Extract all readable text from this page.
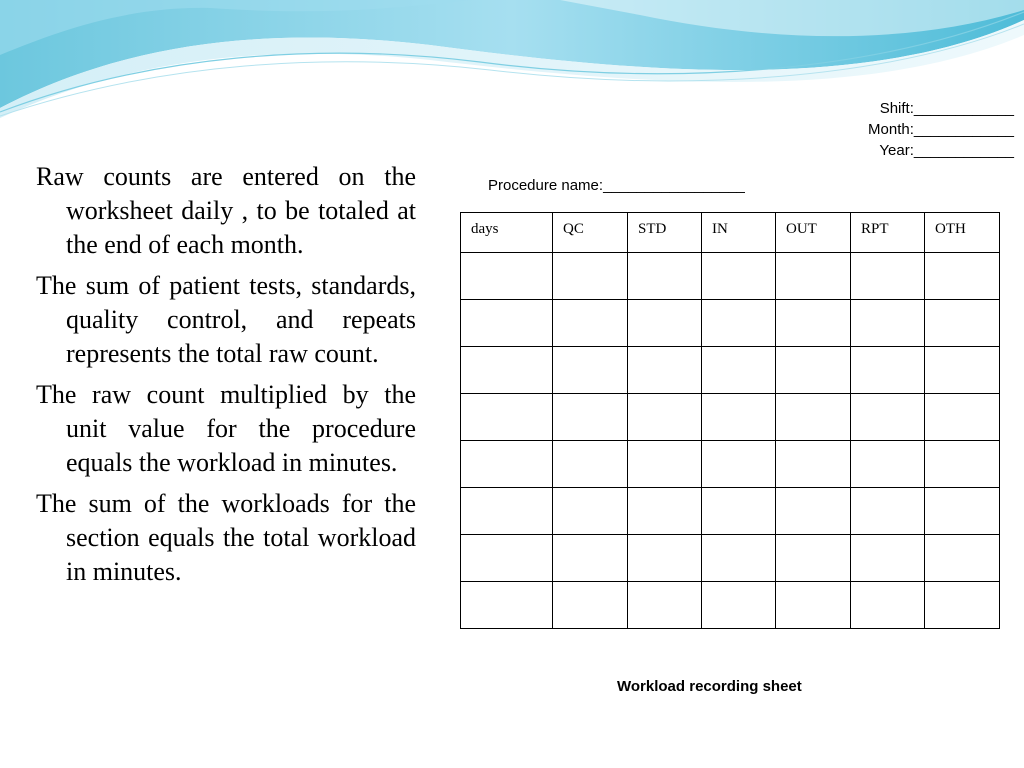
Shift:____________
Month:____________
Year:____________

Raw counts are entered on the worksheet daily , to be totaled at the end of each month.

The sum of patient tests, standards, quality control, and repeats represents the total raw count.

The raw count multiplied by the unit value for the procedure equals the workload in minutes.

The sum of the workloads for the section equals the total workload in minutes.

Procedure name:_________________
days	QC	STD	IN	OUT	RPT	OTH

Workload recording sheet
